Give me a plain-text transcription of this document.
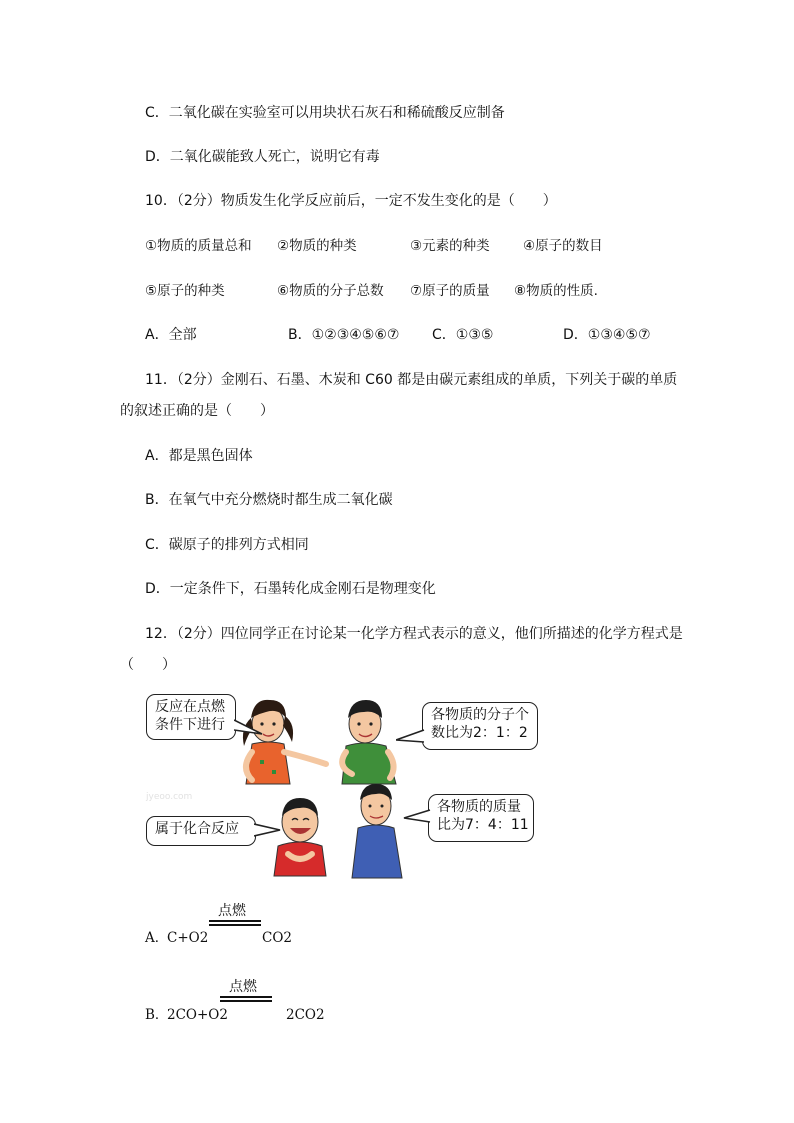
C．二氧化碳在实验室可以用块状石灰石和稀硫酸反应制备
D．二氧化碳能致人死亡，说明它有毒
10．（2分）物质发生化学反应前后，一定不发生变化的是（　　）
①物质的质量总和 ②物质的种类	③元素的种类 ④原子的数目
⑤原子的种类	⑥物质的分子总数 ⑦原子的质量 ⑧物质的性质.
A．全部	B．①②③④⑤⑥⑦ C．①③⑤	D．①③④⑤⑦
11．（2分）金刚石、石墨、木炭和 C60 都是由碳元素组成的单质，下列关于碳的单质
的叙述正确的是（　　）
A．都是黑色固体
B．在氧气中充分燃烧时都生成二氧化碳
C．碳原子的排列方式相同
D．一定条件下，石墨转化成金刚石是物理变化
12．（2分）四位同学正在讨论某一化学方程式表示的意义，他们所描述的化学方程式是
（　　）
jyeoo.com
反应在点燃
条件下进行
各物质的分子个
数比为2：1：2
属于化合反应
各物质的质量
比为7：4：11
点燃
A．
C+O2	CO2
点燃
B．
2CO+O2	2CO2
